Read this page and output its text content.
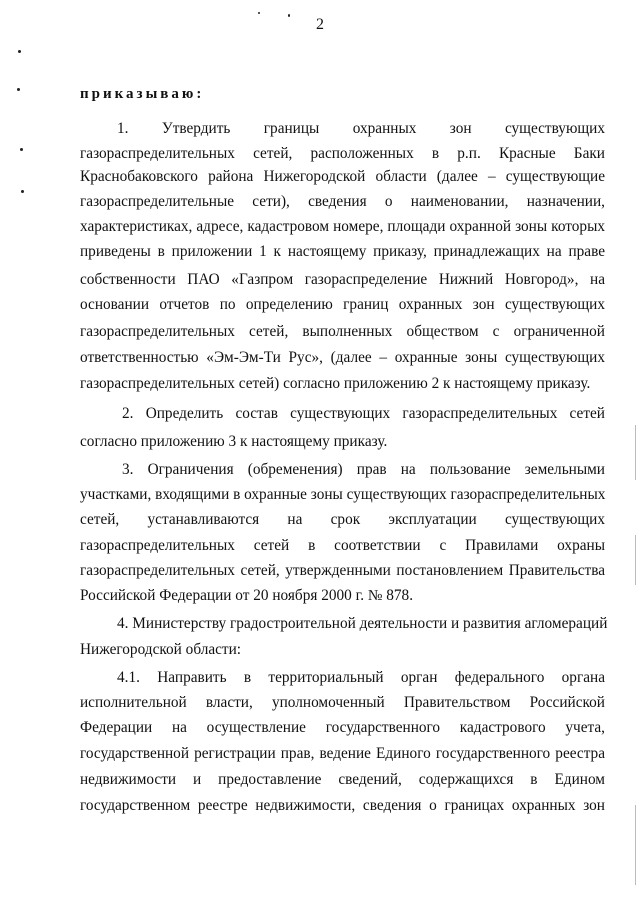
2
приказываю:
1. Утвердить границы охранных зон существующих
газораспределительных сетей, расположенных в р.п. Красные Баки
Краснобаковского района Нижегородской области (далее – существующие
газораспределительные сети), сведения о наименовании, назначении,
характеристиках, адресе, кадастровом номере, площади охранной зоны которых
приведены в приложении 1 к настоящему приказу, принадлежащих на праве
собственности ПАО «Газпром газораспределение Нижний Новгород», на
основании отчетов по определению границ охранных зон существующих
газораспределительных сетей, выполненных обществом с ограниченной
ответственностью «Эм-Эм-Ти Рус», (далее – охранные зоны существующих
газораспределительных сетей) согласно приложению 2 к настоящему приказу.
2. Определить состав существующих газораспределительных сетей
согласно приложению 3 к настоящему приказу.
3. Ограничения (обременения) прав на пользование земельными
участками, входящими в охранные зоны существующих газораспределительных
сетей, устанавливаются на срок эксплуатации существующих
газораспределительных сетей в соответствии с Правилами охраны
газораспределительных сетей, утвержденными постановлением Правительства
Российской Федерации от 20 ноября 2000 г. № 878.
4. Министерству градостроительной деятельности и развития агломераций
Нижегородской области:
4.1. Направить в территориальный орган федерального органа
исполнительной власти, уполномоченный Правительством Российской
Федерации на осуществление государственного кадастрового учета,
государственной регистрации прав, ведение Единого государственного реестра
недвижимости и предоставление сведений, содержащихся в Едином
государственном реестре недвижимости, сведения о границах охранных зон
